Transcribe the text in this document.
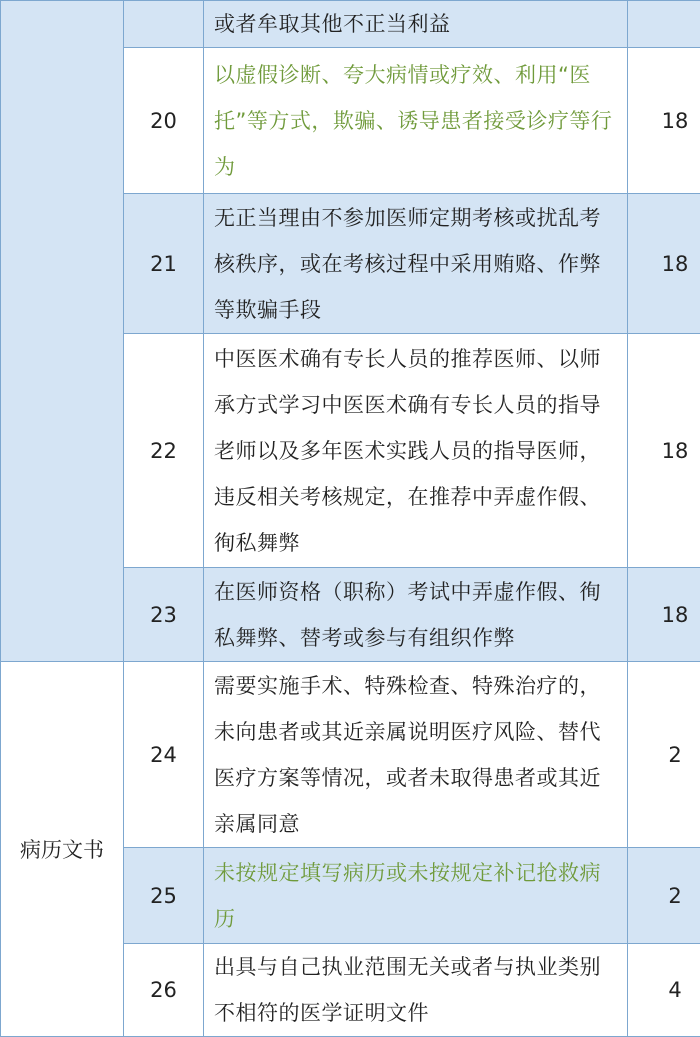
		或者牟取其他不正当利益	
	20	以虚假诊断、夸大病情或疗效、利用“医托”等方式，欺骗、诱导患者接受诊疗等行为	18
	21	无正当理由不参加医师定期考核或扰乱考核秩序，或在考核过程中采用贿赂、作弊等欺骗手段	18
	22	中医医术确有专长人员的推荐医师、以师承方式学习中医医术确有专长人员的指导老师以及多年医术实践人员的指导医师，违反相关考核规定，在推荐中弄虚作假、徇私舞弊	18
	23	在医师资格（职称）考试中弄虚作假、徇私舞弊、替考或参与有组织作弊	18
病历文书	24	需要实施手术、特殊检查、特殊治疗的，未向患者或其近亲属说明医疗风险、替代医疗方案等情况，或者未取得患者或其近亲属同意	2
	25	未按规定填写病历或未按规定补记抢救病历	2
	26	出具与自己执业范围无关或者与执业类别不相符的医学证明文件	4
